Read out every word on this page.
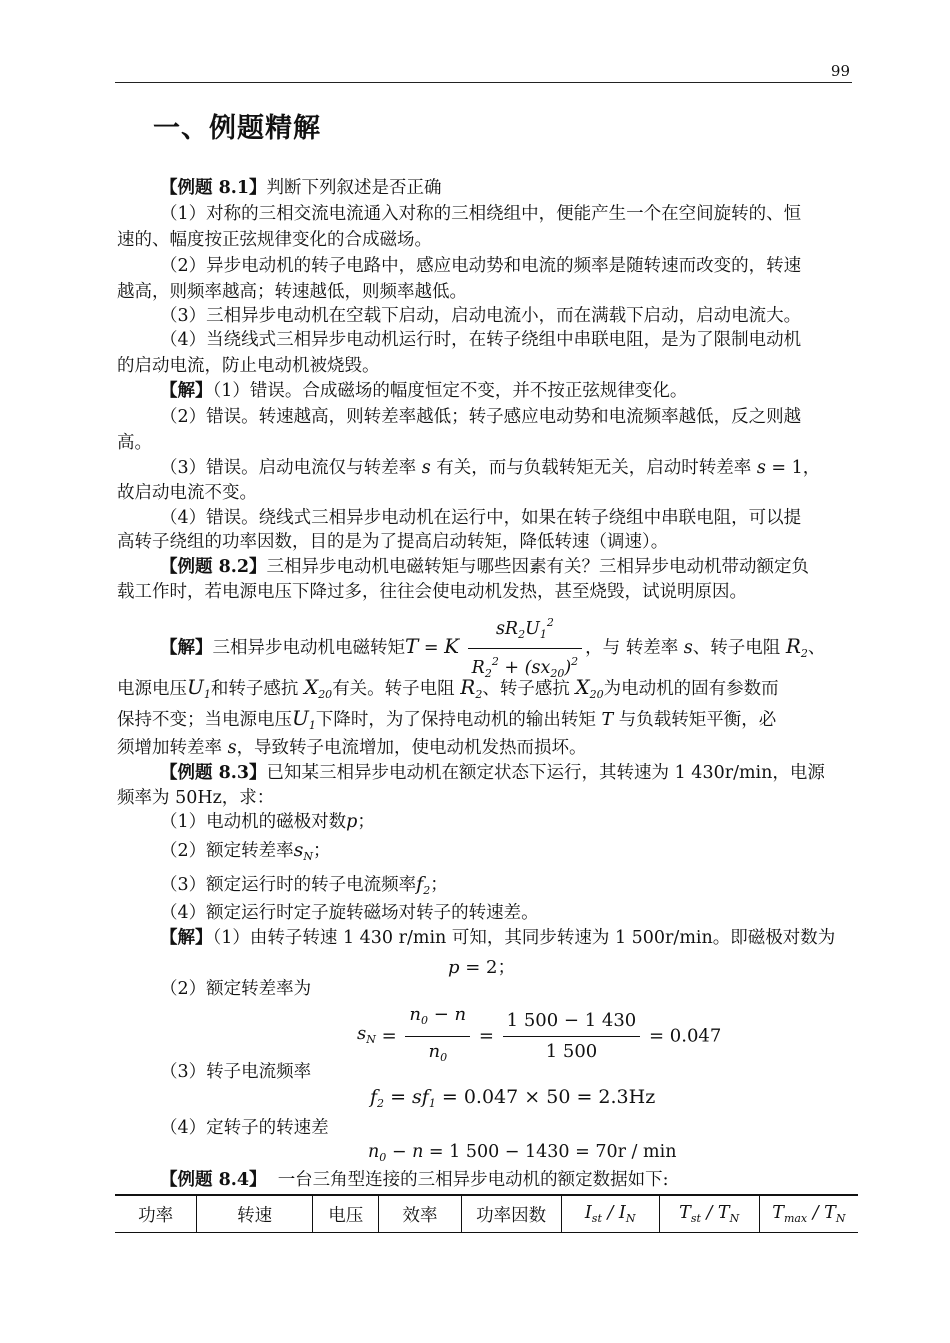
99
一、例题精解
【例题 8.1】判断下列叙述是否正确
（1）对称的三相交流电流通入对称的三相绕组中，便能产生一个在空间旋转的、恒
速的、幅度按正弦规律变化的合成磁场。
（2）异步电动机的转子电路中，感应电动势和电流的频率是随转速而改变的，转速
越高，则频率越高；转速越低，则频率越低。
（3）三相异步电动机在空载下启动，启动电流小，而在满载下启动，启动电流大。
（4）当绕线式三相异步电动机运行时，在转子绕组中串联电阻，是为了限制电动机
的启动电流，防止电动机被烧毁。
【解】（1）错误。合成磁场的幅度恒定不变，并不按正弦规律变化。
（2）错误。转速越高，则转差率越低；转子感应电动势和电流频率越低，反之则越
高。
（3）错误。启动电流仅与转差率 s 有关，而与负载转矩无关，启动时转差率 s = 1，
故启动电流不变。
（4）错误。绕线式三相异步电动机在运行中，如果在转子绕组中串联电阻，可以提
高转子绕组的功率因数，目的是为了提高启动转矩，降低转速（调速）。
【例题 8.2】三相异步电动机电磁转矩与哪些因素有关？三相异步电动机带动额定负
载工作时，若电源电压下降过多，往往会使电动机发热，甚至烧毁，试说明原因。
【解】三相异步电动机电磁转矩T = K $\frac{sR_2U_1^2}{R_2^2 + (sx_{20})^2}$ ，与 转差率 s、转子电阻 $R_2$、
电源电压$U_1$和转子感抗 $X_{20}$有关。转子电阻 $R_2$、转子感抗 $X_{20}$为电动机的固有参数而
保持不变；当电源电压$U_1$下降时，为了保持电动机的输出转矩 T 与负载转矩平衡，必
须增加转差率 s，导致转子电流增加，使电动机发热而损坏。
【例题 8.3】已知某三相异步电动机在额定状态下运行，其转速为 1 430r/min，电源
频率为 50Hz，求：
（1）电动机的磁极对数p；
（2）额定转差率$s_N$；
（3）额定运行时的转子电流频率$f_2$；
（4）额定运行时定子旋转磁场对转子的转速差。
【解】（1）由转子转速 1 430 r/min 可知，其同步转速为 1 500r/min。即磁极对数为
p = 2；
（2）额定转差率为
$s_N = \frac{n_0 - n}{n_0} = \frac{1 500 - 1 430}{1 500} = 0.047$
（3）转子电流频率
$f_2 = sf_1 = 0.047 \times 50 = 2.3Hz$
（4）定转子的转速差
$n_0 - n = 1$ 500 − 1430 = 70r / min
【例题 8.4】 一台三角型连接的三相异步电动机的额定数据如下:
功率	转速	电压	效率	功率因数	$I_{st} / I_N$	$T_{st} / T_N$	$T_{max} / T_N$
